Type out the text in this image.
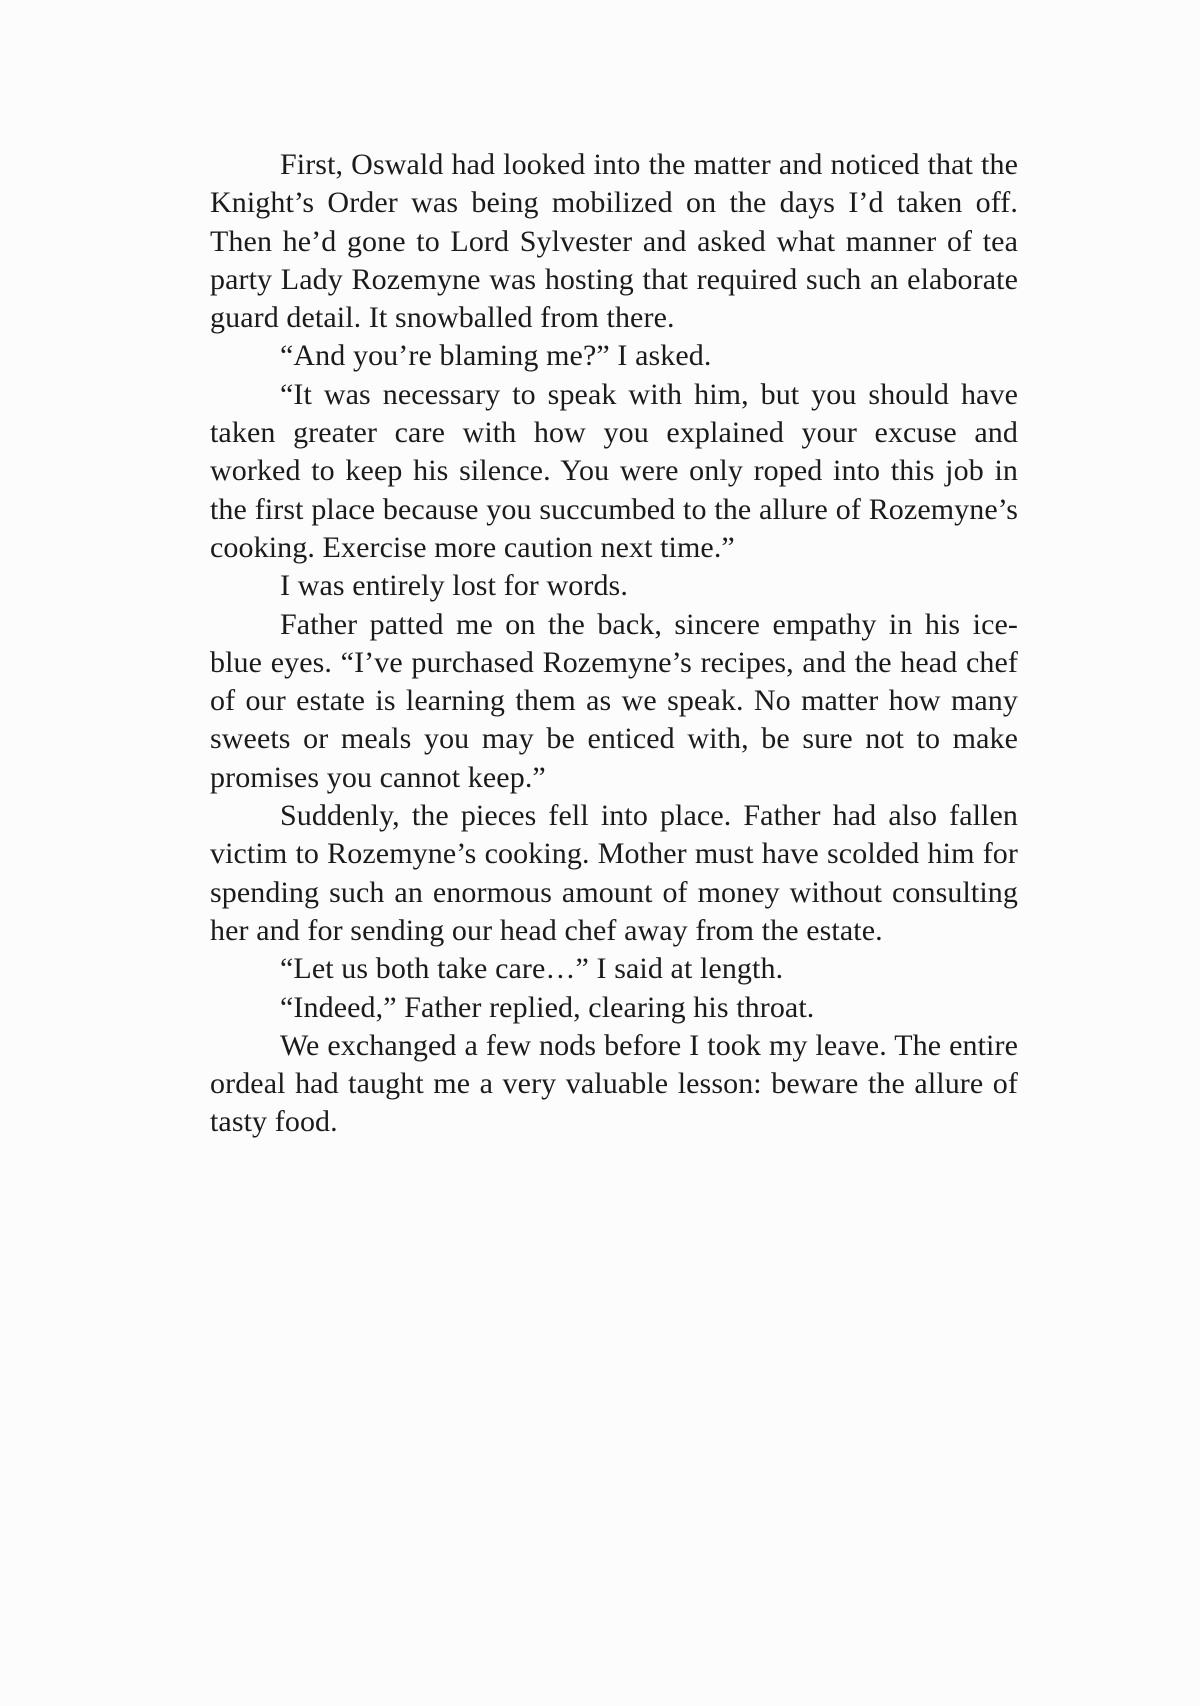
First, Oswald had looked into the matter and noticed that the Knight’s Order was being mobilized on the days I’d taken off. Then he’d gone to Lord Sylvester and asked what manner of tea party Lady Rozemyne was hosting that required such an elaborate guard detail. It snowballed from there.

“And you’re blaming me?” I asked.

“It was necessary to speak with him, but you should have taken greater care with how you explained your excuse and worked to keep his silence. You were only roped into this job in the first place because you succumbed to the allure of Rozemyne’s cooking. Exercise more caution next time.”

I was entirely lost for words.

Father patted me on the back, sincere empathy in his ice-blue eyes. “I’ve purchased Rozemyne’s recipes, and the head chef of our estate is learning them as we speak. No matter how many sweets or meals you may be enticed with, be sure not to make promises you cannot keep.”

Suddenly, the pieces fell into place. Father had also fallen victim to Rozemyne’s cooking. Mother must have scolded him for spending such an enormous amount of money without consulting her and for sending our head chef away from the estate.

“Let us both take care…” I said at length.

“Indeed,” Father replied, clearing his throat.

We exchanged a few nods before I took my leave. The entire ordeal had taught me a very valuable lesson: beware the allure of tasty food.
